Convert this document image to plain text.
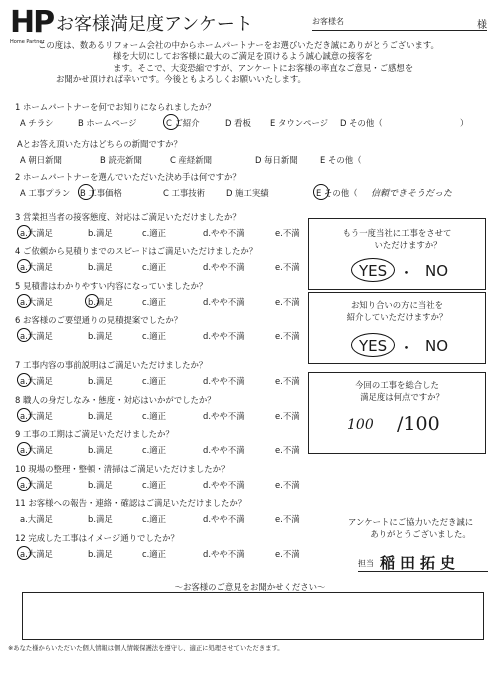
HP
Home Partner
お客様満足度アンケート	お客様名	様
この度は、数あるリフォーム会社の中からホームパートナーをお選びいただき誠にありがとうございます。
様を大切にしてお客様に最大のご満足を頂けるよう誠心誠意の接客を
ます。そこで、大変恐縮ですが、アンケートにお客様の率直なご意見・ご感想を
お聞かせ頂ければ幸いです。今後ともよろしくお願いいたします。
1 ホームパートナーを何でお知りになられましたか？
A チラシ	B ホームページ	C ご紹介	D 看板 E タウンページ D その他（	）
Aとお答え頂いた方はどちらの新聞ですか？
A 朝日新聞	B 読売新聞	C 産経新聞	D 毎日新聞	E その他（
2 ホームパートナーを選んでいただいた決め手は何ですか？
A 工事プラン B 工事価格	C 工事技術 D 施工実績	E その他（ 信頼できそうだった
3 営業担当者の接客態度、対応はご満足いただけましたか？
a.大満足	b.満足	c.適正	d.やや不満	e.不満
4 ご依頼から見積りまでのスピードはご満足いただけましたか？
a.大満足	b.満足	c.適正	d.やや不満	e.不満
5 見積書はわかりやすい内容になっていましたか？
a.大満足	b.満足	c.適正	d.やや不満	e.不満
6 お客様のご要望通りの見積提案でしたか？
a.大満足	b.満足	c.適正	d.やや不満	e.不満
7 工事内容の事前説明はご満足いただけましたか？
a.大満足	b.満足	c.適正	d.やや不満	e.不満
8 職人の身だしなみ・態度・対応はいかがでしたか？
a.大満足	b.満足	c.適正	d.やや不満	e.不満
9 工事の工期はご満足いただけましたか？
a.大満足	b.満足	c.適正	d.やや不満	e.不満
10 現場の整理・整頓・清掃はご満足いただけましたか？
a.大満足	b.満足	c.適正	d.やや不満	e.不満
11 お客様への報告・連絡・確認はご満足いただけましたか？
a.大満足	b.満足	c.適正	d.やや不満	e.不満
12 完成した工事はイメージ通りでしたか？
a.大満足	b.満足	c.適正	d.やや不満	e.不満
もう一度当社に工事をさせて
いただけますか？
YES ・ NO
お知り合いの方に当社を
紹介していただけますか？
YES ・ NO
今回の工事を総合した
満足度は何点ですか？
100 /100
アンケートにご協力いただき誠に
ありがとうございました。
担当 稲田拓史
～お客様のご意見をお聞かせください～
※あなた様からいただいた個人情報は個人情報保護法を遵守し、適正に処理させていただきます。
